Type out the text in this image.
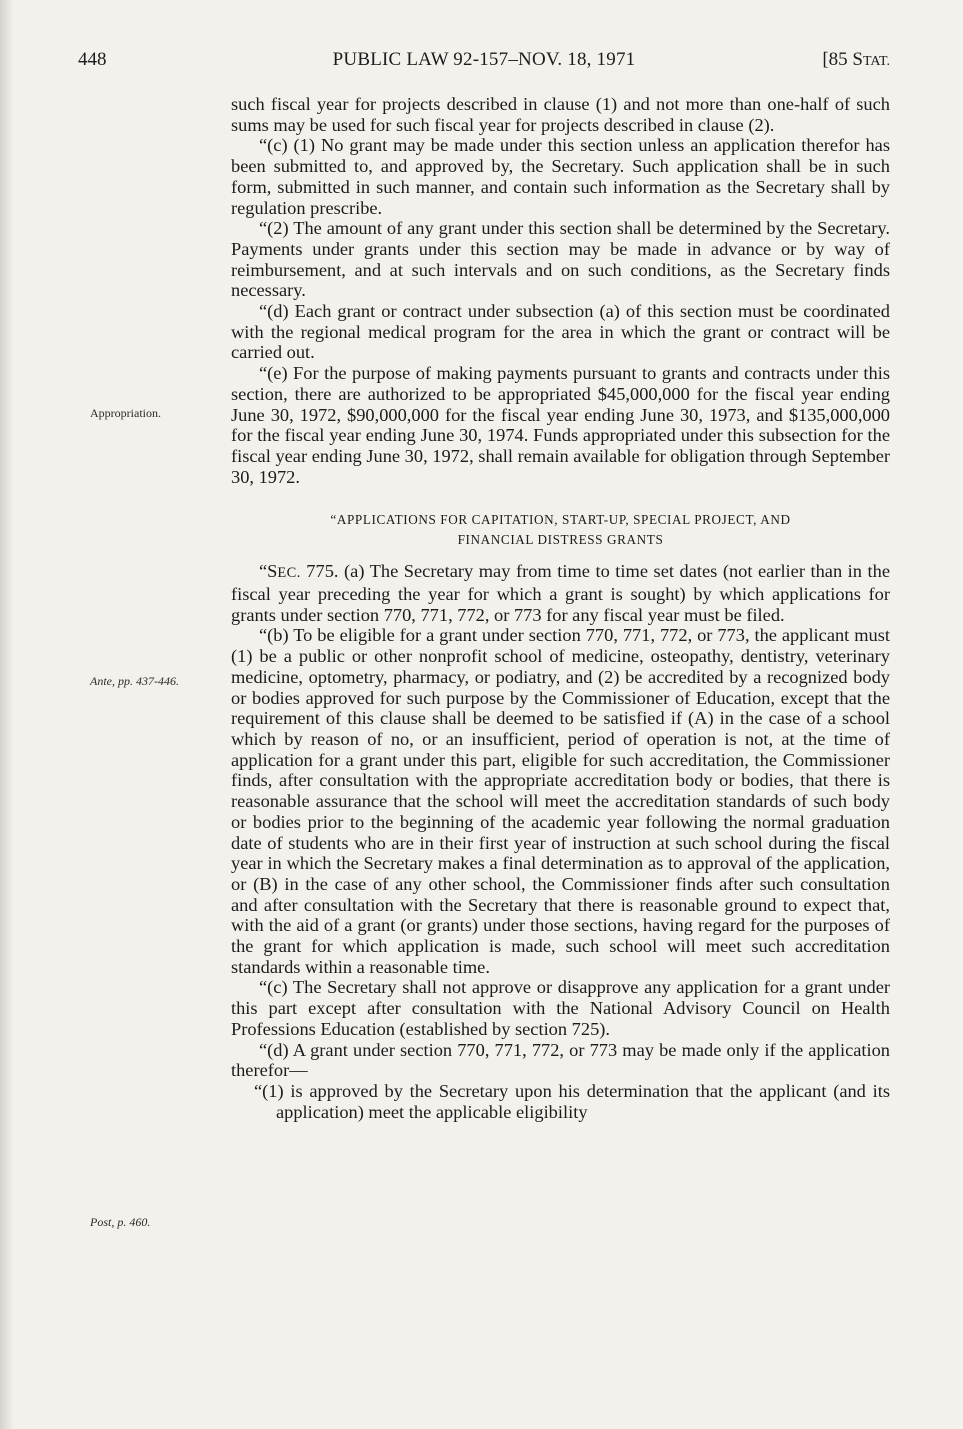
448	PUBLIC LAW 92-157–NOV. 18, 1971	[85 STAT.
Appropriation.
Ante, pp. 437-446.
Post, p. 460.

such fiscal year for projects described in clause (1) and not more than one-half of such sums may be used for such fiscal year for projects described in clause (2).

“(c) (1) No grant may be made under this section unless an application therefor has been submitted to, and approved by, the Secretary. Such application shall be in such form, submitted in such manner, and contain such information as the Secretary shall by regulation prescribe.

“(2) The amount of any grant under this section shall be determined by the Secretary. Payments under grants under this section may be made in advance or by way of reimbursement, and at such intervals and on such conditions, as the Secretary finds necessary.

“(d) Each grant or contract under subsection (a) of this section must be coordinated with the regional medical program for the area in which the grant or contract will be carried out.

“(e) For the purpose of making payments pursuant to grants and contracts under this section, there are authorized to be appropriated $45,000,000 for the fiscal year ending June 30, 1972, $90,000,000 for the fiscal year ending June 30, 1973, and $135,000,000 for the fiscal year ending June 30, 1974. Funds appropriated under this subsection for the fiscal year ending June 30, 1972, shall remain available for obligation through September 30, 1972.

“APPLICATIONS FOR CAPITATION, START-UP, SPECIAL PROJECT, AND
FINANCIAL DISTRESS GRANTS

“SEC. 775. (a) The Secretary may from time to time set dates (not earlier than in the fiscal year preceding the year for which a grant is sought) by which applications for grants under section 770, 771, 772, or 773 for any fiscal year must be filed.

“(b) To be eligible for a grant under section 770, 771, 772, or 773, the applicant must (1) be a public or other nonprofit school of medicine, osteopathy, dentistry, veterinary medicine, optometry, pharmacy, or podiatry, and (2) be accredited by a recognized body or bodies approved for such purpose by the Commissioner of Education, except that the requirement of this clause shall be deemed to be satisfied if (A) in the case of a school which by reason of no, or an insufficient, period of operation is not, at the time of application for a grant under this part, eligible for such accreditation, the Commissioner finds, after consultation with the appropriate accreditation body or bodies, that there is reasonable assurance that the school will meet the accreditation standards of such body or bodies prior to the beginning of the academic year following the normal graduation date of students who are in their first year of instruction at such school during the fiscal year in which the Secretary makes a final determination as to approval of the application, or (B) in the case of any other school, the Commissioner finds after such consultation and after consultation with the Secretary that there is reasonable ground to expect that, with the aid of a grant (or grants) under those sections, having regard for the purposes of the grant for which application is made, such school will meet such accreditation standards within a reasonable time.

“(c) The Secretary shall not approve or disapprove any application for a grant under this part except after consultation with the National Advisory Council on Health Professions Education (established by section 725).

“(d) A grant under section 770, 771, 772, or 773 may be made only if the application therefor—

“(1) is approved by the Secretary upon his determination that the applicant (and its application) meet the applicable eligibility
